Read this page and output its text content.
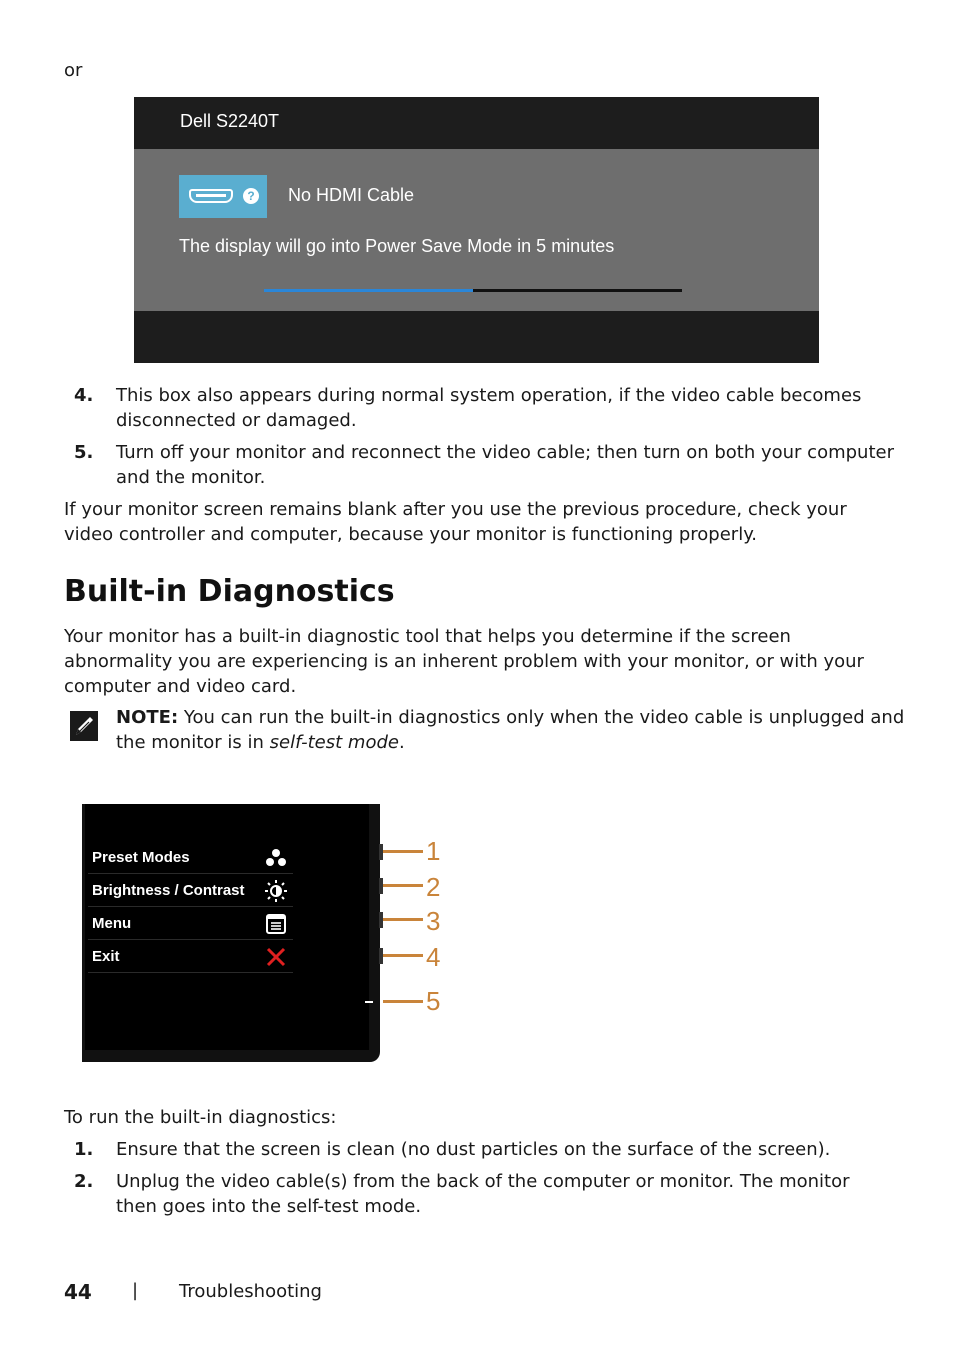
or
Dell S2240T
? No HDMI Cable
The display will go into Power Save Mode in 5 minutes
4.	This box also appears during normal system operation, if the video cable becomes disconnected or damaged.
5.	Turn off your monitor and reconnect the video cable; then turn on both your computer and the monitor.
If your monitor screen remains blank after you use the previous procedure, check your video controller and computer, because your monitor is functioning properly.
Built-in Diagnostics
Your monitor has a built-in diagnostic tool that helps you determine if the screen abnormality you are experiencing is an inherent problem with your monitor, or with your computer and video card.
NOTE: You can run the built-in diagnostics only when the video cable is unplugged and the monitor is in self-test mode.
Preset Modes
Brightness / Contrast
Menu
Exit
1
2
3
4
5
To run the built-in diagnostics:
1.	Ensure that the screen is clean (no dust particles on the surface of the screen).
2.	Unplug the video cable(s) from the back of the computer or monitor. The monitor then goes into the self-test mode.
44 | Troubleshooting
